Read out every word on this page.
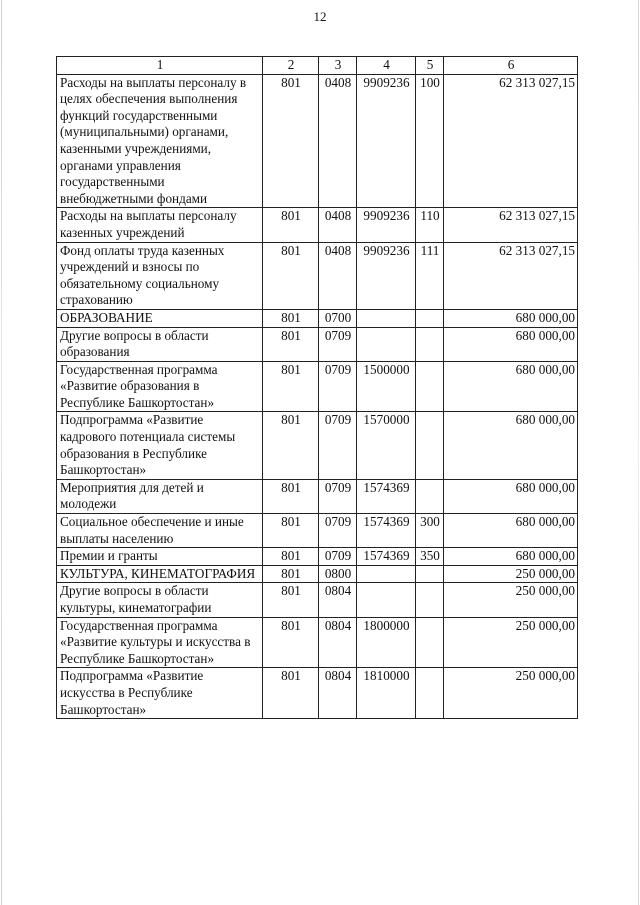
12
1	2	3	4	5	6
Расходы на выплаты персоналу в целях обеспечения выполнения функций государственными (муниципальными) органами, казенными учреждениями, органами управления государственными внебюджетными фондами	801	0408	9909236	100	62 313 027,15
Расходы на выплаты персоналу казенных учреждений	801	0408	9909236	110	62 313 027,15
Фонд оплаты труда казенных учреждений и взносы по обязательному социальному страхованию	801	0408	9909236	111	62 313 027,15
ОБРАЗОВАНИЕ	801	0700			680 000,00
Другие вопросы в области образования	801	0709			680 000,00
Государственная программа «Развитие образования в Республике Башкортостан»	801	0709	1500000		680 000,00
Подпрограмма «Развитие кадрового потенциала системы образования в Республике Башкортостан»	801	0709	1570000		680 000,00
Мероприятия для детей и молодежи	801	0709	1574369		680 000,00
Социальное обеспечение и иные выплаты населению	801	0709	1574369	300	680 000,00
Премии и гранты	801	0709	1574369	350	680 000,00
КУЛЬТУРА, КИНЕМАТОГРАФИЯ	801	0800			250 000,00
Другие вопросы в области культуры, кинематографии	801	0804			250 000,00
Государственная программа «Развитие культуры и искусства в Республике Башкортостан»	801	0804	1800000		250 000,00
Подпрограмма «Развитие искусства в Республике Башкортостан»	801	0804	1810000		250 000,00
